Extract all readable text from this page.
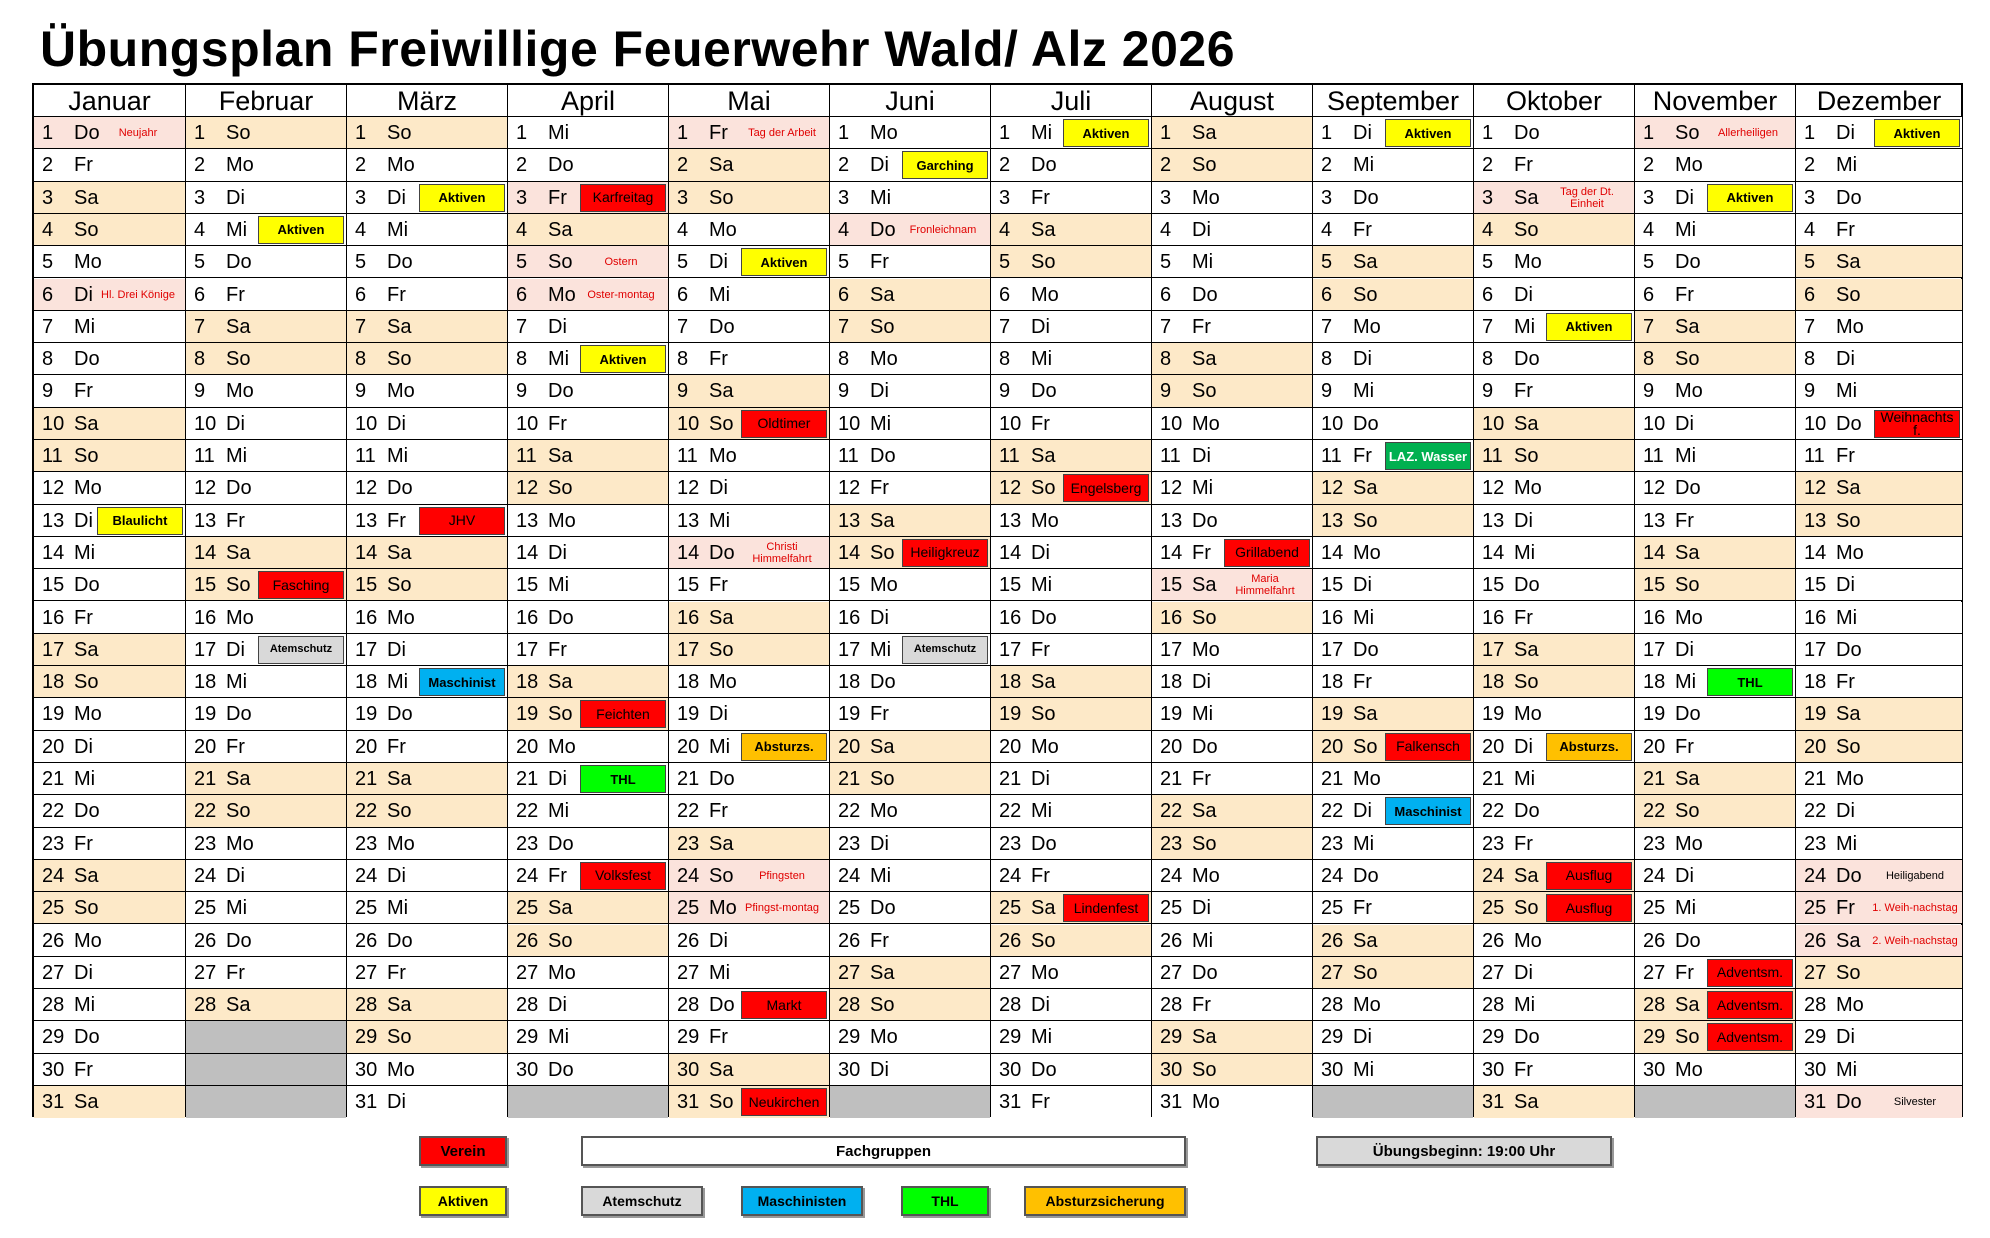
Übungsplan Freiwillige Feuerwehr Wald/ Alz 2026
Januar
1 Do	Neujahr
2 Fr
3 Sa
4 So
5 Mo
6 Di Hl. Drei Könige
7 Mi
8 Do
9 Fr
10 Sa
11 So
12 Mo
13 Di	Blaulicht
14 Mi
15 Do
16 Fr
17 Sa
18 So
19 Mo
20 Di
21 Mi
22 Do
23 Fr
24 Sa
25 So
26 Mo
27 Di
28 Mi
29 Do
30 Fr
31 Sa
Februar
1 So
2 Mo
3 Di
4 Mi	Aktiven
5 Do
6 Fr
7 Sa
8 So
9 Mo
10 Di
11 Mi
12 Do
13 Fr
14 Sa
15 So	Fasching
16 Mo
17 Di	Atemschutz
18 Mi
19 Do
20 Fr
21 Sa
22 So
23 Mo
24 Di
25 Mi
26 Do
27 Fr
28 Sa
März
1 So
2 Mo
3 Di	Aktiven
4 Mi
5 Do
6 Fr
7 Sa
8 So
9 Mo
10 Di
11 Mi
12 Do
13 Fr	JHV
14 Sa
15 So
16 Mo
17 Di
18 Mi	Maschinist
19 Do
20 Fr
21 Sa
22 So
23 Mo
24 Di
25 Mi
26 Do
27 Fr
28 Sa
29 So
30 Mo
31 Di
April
1 Mi
2 Do
3 Fr	Karfreitag
4 Sa
5 So	Ostern
6 Mo	Oster-montag
7 Di
8 Mi	Aktiven
9 Do
10 Fr
11 Sa
12 So
13 Mo
14 Di
15 Mi
16 Do
17 Fr
18 Sa
19 So	Feichten
20 Mo
21 Di	THL
22 Mi
23 Do
24 Fr	Volksfest
25 Sa
26 So
27 Mo
28 Di
29 Mi
30 Do
Mai
1 Fr	Tag der Arbeit
2 Sa
3 So
4 Mo
5 Di	Aktiven
6 Mi
7 Do
8 Fr
9 Sa
10 So	Oldtimer
11 Mo
12 Di
13 Mi
14 Do	Christi Himmelfahrt
15 Fr
16 Sa
17 So
18 Mo
19 Di
20 Mi	Absturzs.
21 Do
22 Fr
23 Sa
24 So	Pfingsten
25 Mo Pfingst-montag
26 Di
27 Mi
28 Do	Markt
29 Fr
30 Sa
31 So	Neukirchen
Juni
1 Mo
2 Di	Garching
3 Mi
4 Do	Fronleichnam
5 Fr
6 Sa
7 So
8 Mo
9 Di
10 Mi
11 Do
12 Fr
13 Sa
14 So	Heiligkreuz
15 Mo
16 Di
17 Mi	Atemschutz
18 Do
19 Fr
20 Sa
21 So
22 Mo
23 Di
24 Mi
25 Do
26 Fr
27 Sa
28 So
29 Mo
30 Di
Juli
1 Mi	Aktiven
2 Do
3 Fr
4 Sa
5 So
6 Mo
7 Di
8 Mi
9 Do
10 Fr
11 Sa
12 So	Engelsberg
13 Mo
14 Di
15 Mi
16 Do
17 Fr
18 Sa
19 So
20 Mo
21 Di
22 Mi
23 Do
24 Fr
25 Sa	Lindenfest
26 So
27 Mo
28 Di
29 Mi
30 Do
31 Fr
August
1 Sa
2 So
3 Mo
4 Di
5 Mi
6 Do
7 Fr
8 Sa
9 So
10 Mo
11 Di
12 Mi
13 Do
14 Fr	Grillabend
15 Sa	Maria Himmelfahrt
16 So
17 Mo
18 Di
19 Mi
20 Do
21 Fr
22 Sa
23 So
24 Mo
25 Di
26 Mi
27 Do
28 Fr
29 Sa
30 So
31 Mo
September
1 Di	Aktiven
2 Mi
3 Do
4 Fr
5 Sa
6 So
7 Mo
8 Di
9 Mi
10 Do
11 Fr LAZ. Wasser
12 Sa
13 So
14 Mo
15 Di
16 Mi
17 Do
18 Fr
19 Sa
20 So	Falkensch
21 Mo
22 Di	Maschinist
23 Mi
24 Do
25 Fr
26 Sa
27 So
28 Mo
29 Di
30 Mi
Oktober
1 Do
2 Fr
3 Sa	Tag der Dt. Einheit
4 So
5 Mo
6 Di
7 Mi	Aktiven
8 Do
9 Fr
10 Sa
11 So
12 Mo
13 Di
14 Mi
15 Do
16 Fr
17 Sa
18 So
19 Mo
20 Di	Absturzs.
21 Mi
22 Do
23 Fr
24 Sa	Ausflug
25 So	Ausflug
26 Mo
27 Di
28 Mi
29 Do
30 Fr
31 Sa
November
1 So	Allerheiligen
2 Mo
3 Di	Aktiven
4 Mi
5 Do
6 Fr
7 Sa
8 So
9 Mo
10 Di
11 Mi
12 Do
13 Fr
14 Sa
15 So
16 Mo
17 Di
18 Mi	THL
19 Do
20 Fr
21 Sa
22 So
23 Mo
24 Di
25 Mi
26 Do
27 Fr	Adventsm.
28 Sa	Adventsm.
29 So	Adventsm.
30 Mo
Dezember
1 Di	Aktiven
2 Mi
3 Do
4 Fr
5 Sa
6 So
7 Mo
8 Di
9 Mi
10 Do	Weihnachts f.
11 Fr
12 Sa
13 So
14 Mo
15 Di
16 Mi
17 Do
18 Fr
19 Sa
20 So
21 Mo
22 Di
23 Mi
24 Do	Heiligabend
25 Fr 1. Weih-nachstag
26 Sa 2. Weih-nachstag
27 So
28 Mo
29 Di
30 Mi
31 Do	Silvester
Verein	Fachgruppen	Übungsbeginn: 19:00 Uhr
Aktiven	Atemschutz	Maschinisten	THL	Absturzsicherung
